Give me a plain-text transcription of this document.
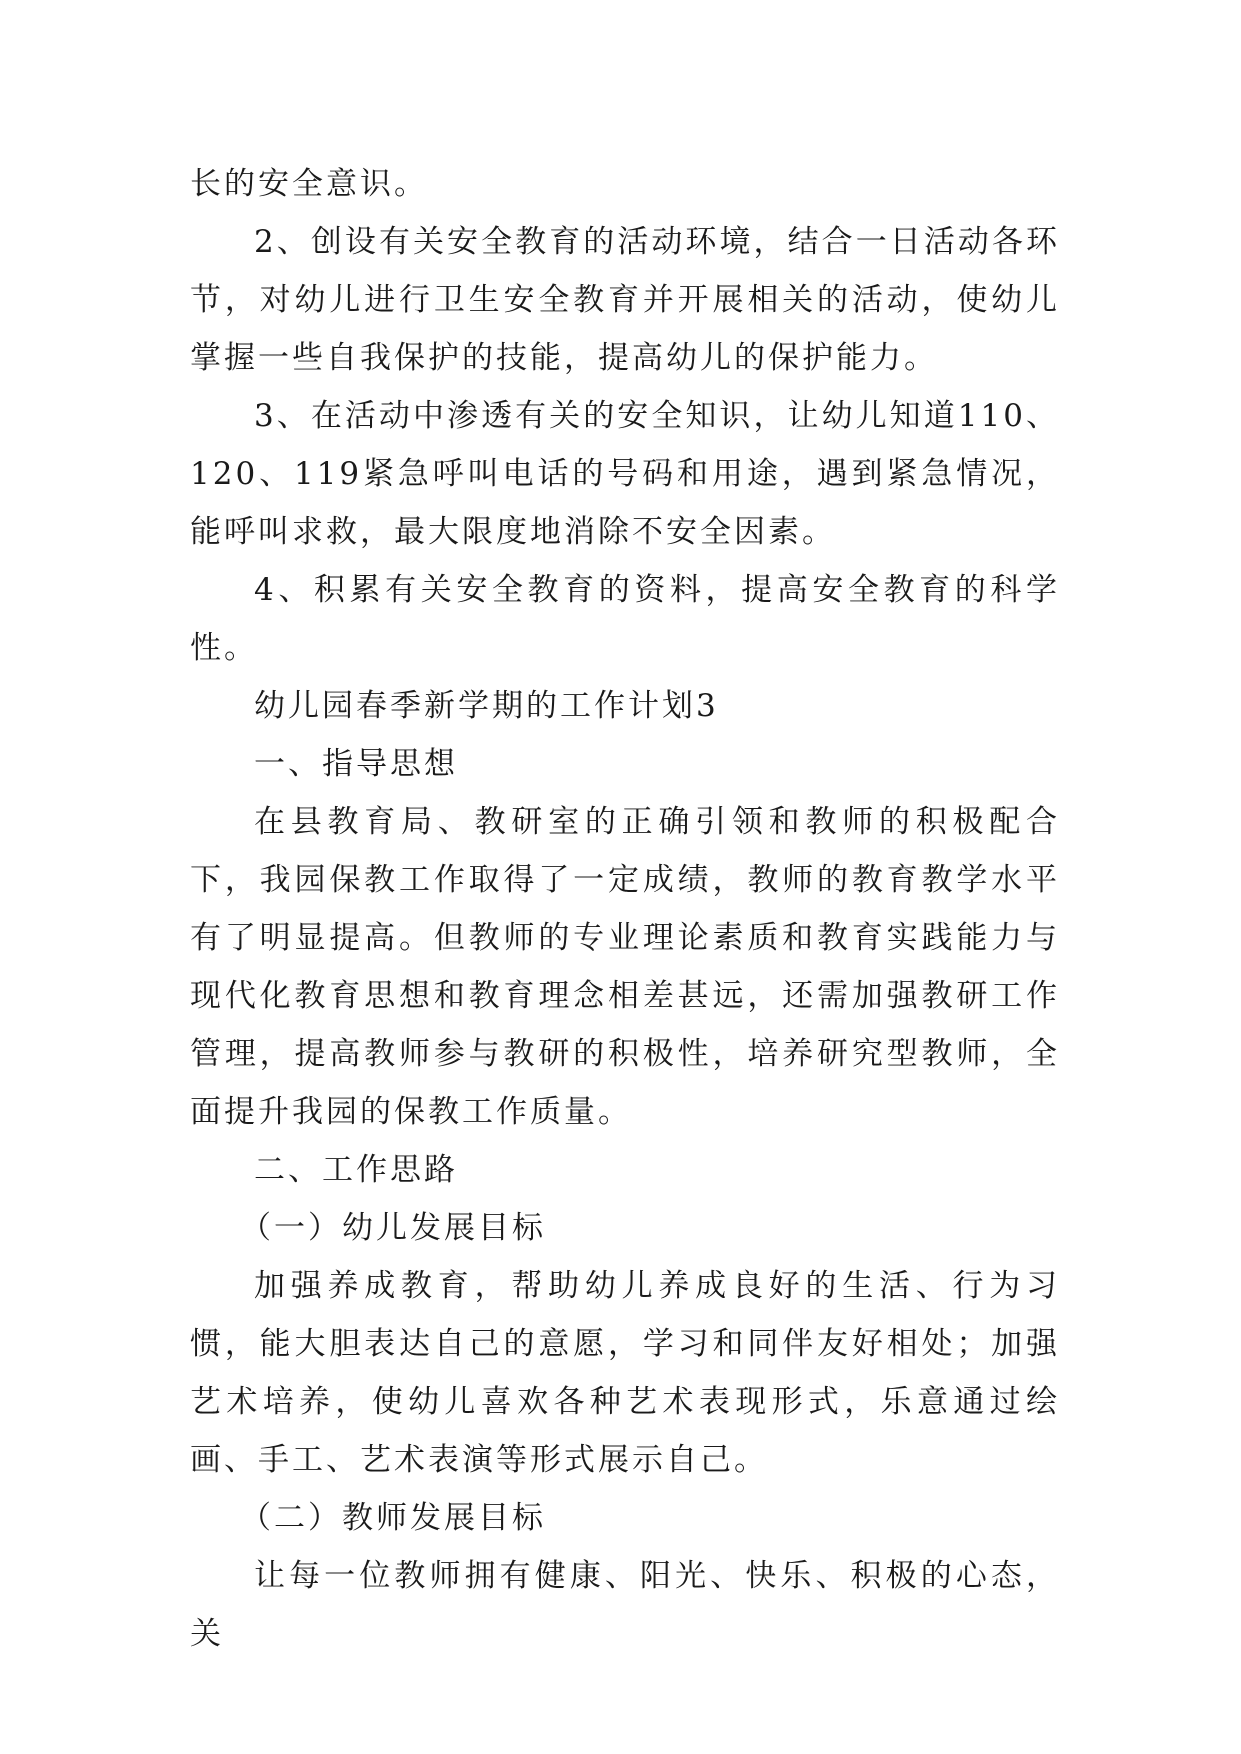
长的安全意识。

2、创设有关安全教育的活动环境，结合一日活动各环节，对幼儿进行卫生安全教育并开展相关的活动，使幼儿掌握一些自我保护的技能，提高幼儿的保护能力。

3、在活动中渗透有关的安全知识，让幼儿知道110、120、119紧急呼叫电话的号码和用途，遇到紧急情况，能呼叫求救，最大限度地消除不安全因素。

4、积累有关安全教育的资料，提高安全教育的科学性。

幼儿园春季新学期的工作计划3

一、指导思想

在县教育局、教研室的正确引领和教师的积极配合下，我园保教工作取得了一定成绩，教师的教育教学水平有了明显提高。但教师的专业理论素质和教育实践能力与现代化教育思想和教育理念相差甚远，还需加强教研工作管理，提高教师参与教研的积极性，培养研究型教师，全面提升我园的保教工作质量。

二、工作思路

（一）幼儿发展目标

加强养成教育，帮助幼儿养成良好的生活、行为习惯，能大胆表达自己的意愿，学习和同伴友好相处；加强艺术培养，使幼儿喜欢各种艺术表现形式，乐意通过绘画、手工、艺术表演等形式展示自己。

（二）教师发展目标

让每一位教师拥有健康、阳光、快乐、积极的心态，关
